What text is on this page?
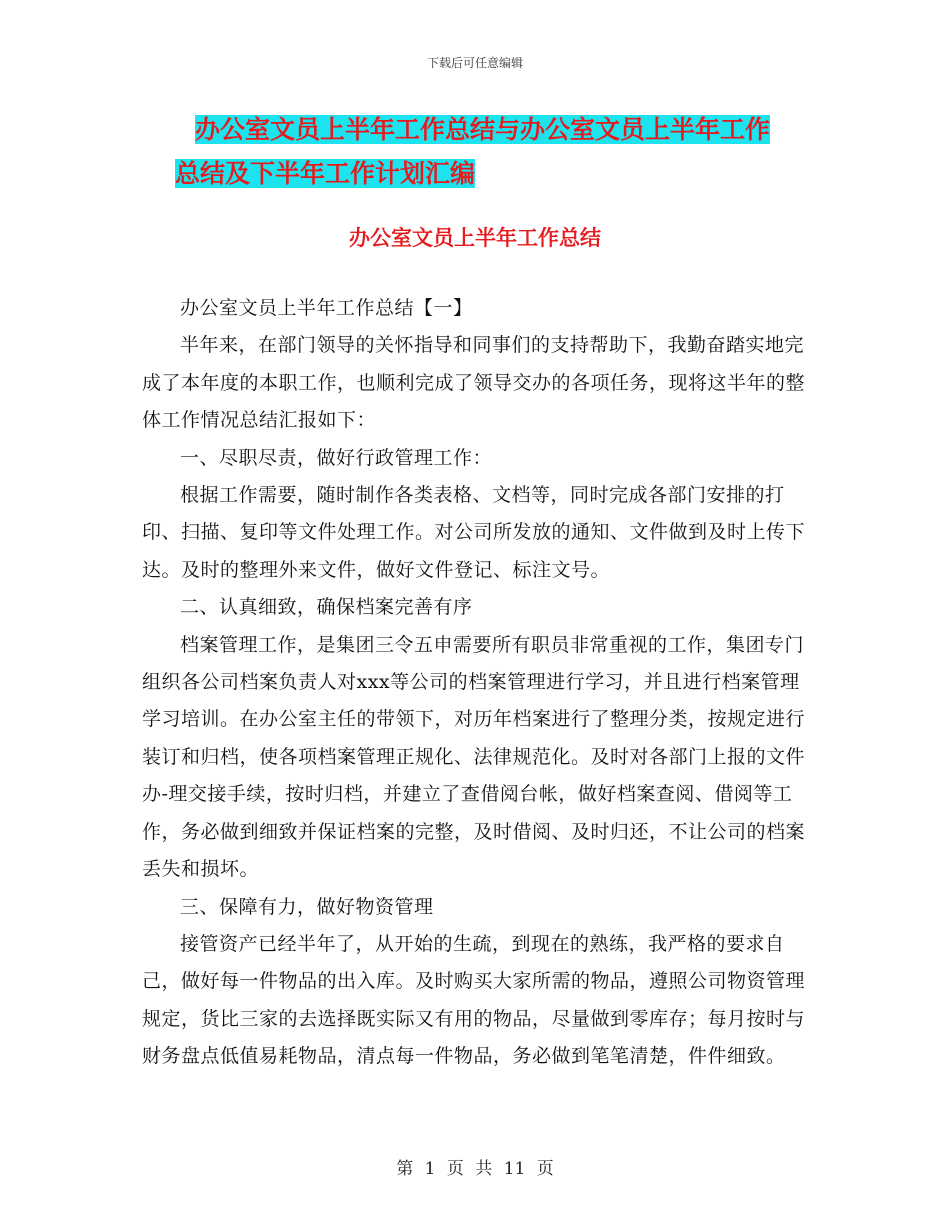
下载后可任意编辑
办公室文员上半年工作总结与办公室文员上半年工作
总结及下半年工作计划汇编
办公室文员上半年工作总结

办公室文员上半年工作总结【一】

半年来，在部门领导的关怀指导和同事们的支持帮助下，我勤奋踏实地完成了本年度的本职工作，也顺利完成了领导交办的各项任务，现将这半年的整体工作情况总结汇报如下：

一、尽职尽责，做好行政管理工作：

根据工作需要，随时制作各类表格、文档等，同时完成各部门安排的打印、扫描、复印等文件处理工作。对公司所发放的通知、文件做到及时上传下达。及时的整理外来文件，做好文件登记、标注文号。

二、认真细致，确保档案完善有序

档案管理工作，是集团三令五申需要所有职员非常重视的工作，集团专门组织各公司档案负责人对xxx等公司的档案管理进行学习，并且进行档案管理学习培训。在办公室主任的带领下，对历年档案进行了整理分类，按规定进行装订和归档，使各项档案管理正规化、法律规范化。及时对各部门上报的文件办-理交接手续，按时归档，并建立了查借阅台帐，做好档案查阅、借阅等工作，务必做到细致并保证档案的完整，及时借阅、及时归还，不让公司的档案丢失和损坏。

三、保障有力，做好物资管理

接管资产已经半年了，从开始的生疏，到现在的熟练，我严格的要求自己，做好每一件物品的出入库。及时购买大家所需的物品，遵照公司物资管理规定，货比三家的去选择既实际又有用的物品，尽量做到零库存；每月按时与财务盘点低值易耗物品，清点每一件物品，务必做到笔笔清楚，件件细致。

第 1 页 共 11 页
